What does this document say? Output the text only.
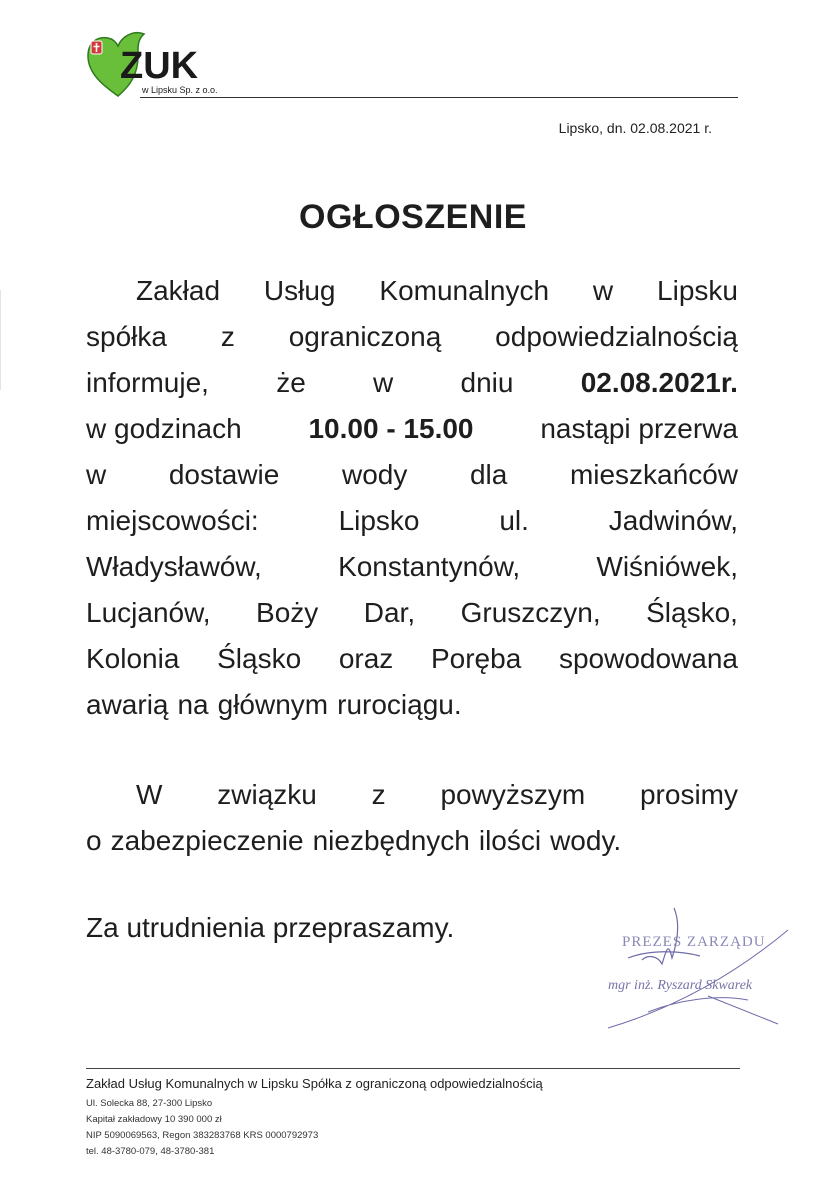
ZUK
w Lipsku Sp. z o.o.
Lipsko, dn. 02.08.2021 r.
OGŁOSZENIE
Zakład Usług Komunalnych w Lipsku
spółka z ograniczoną odpowiedzialnością
informuje, że w dniu 02.08.2021r.
w godzinach 10.00 - 15.00 nastąpi przerwa
w dostawie wody dla mieszkańców
miejscowości:	Lipsko	ul.	Jadwinów,
Władysławów,	Konstantynów,	Wiśniówek,
Lucjanów, Boży Dar, Gruszczyn, Śląsko,
Kolonia Śląsko oraz Poręba spowodowana
awarią na głównym rurociągu.
W związku z powyższym prosimy
o zabezpieczenie niezbędnych ilości wody.
Za utrudnienia przepraszamy.	PREZES ZARZĄDU
mgr inż. Ryszard Skwarek
Zakład Usług Komunalnych w Lipsku Spółka z ograniczoną odpowiedzialnością
Ul. Solecka 88, 27-300 Lipsko
Kapitał zakładowy 10 390 000 zł
NIP 5090069563, Regon 383283768 KRS 0000792973
tel. 48-3780-079, 48-3780-381
